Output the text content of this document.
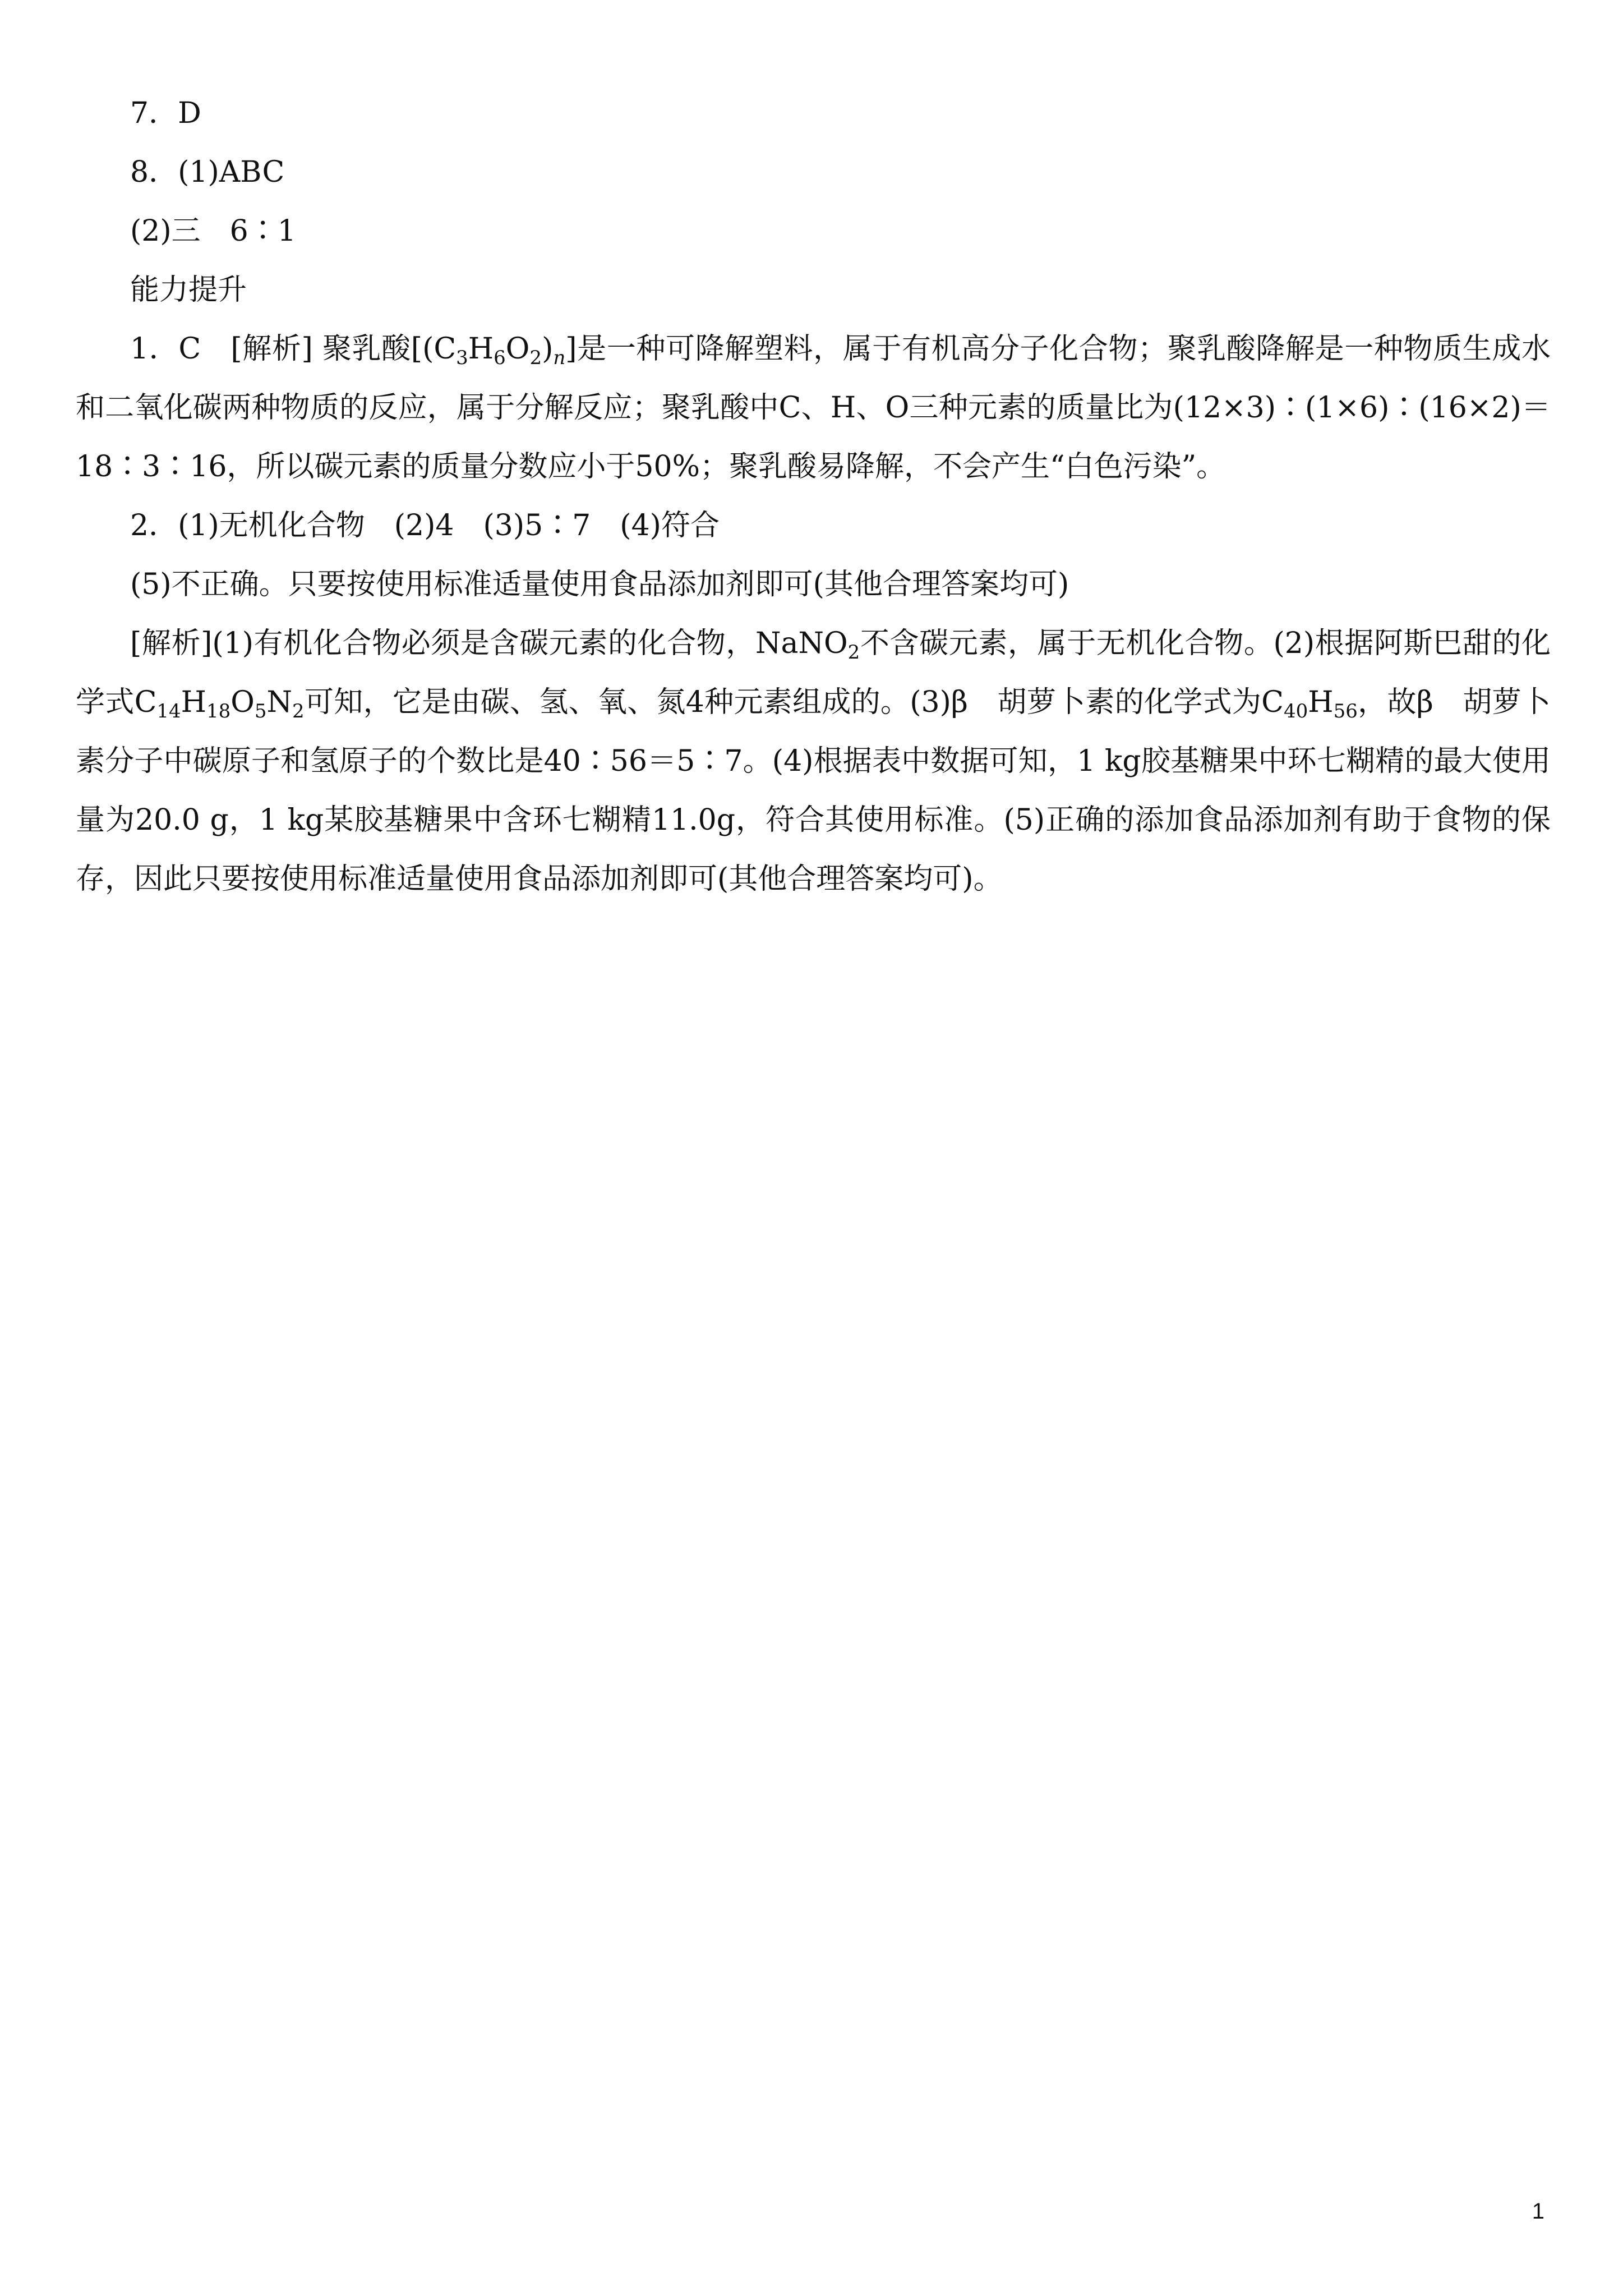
7．D
8．(1)ABC
(2)三　6∶1
能力提升
1．C　[解析] 聚乳酸$[(C_3H_6O_2)_n]$是一种可降解塑料，属于有机高分子化合物；聚乳酸降解是一种物质生成水和二氧化碳两种物质的反应，属于分解反应；聚乳酸中C、H、O三种元素的质量比为(12×3)∶(1×6)∶(16×2)＝18∶3∶16，所以碳元素的质量分数应小于50%；聚乳酸易降解，不会产生“白色污染”。
2．(1)无机化合物　(2)4　(3)5∶7　(4)符合
(5)不正确。只要按使用标准适量使用食品添加剂即可(其他合理答案均可)
[解析](1)有机化合物必须是含碳元素的化合物，NaNO$_2$不含碳元素，属于无机化合物。(2)根据阿斯巴甜的化学式$C_{14}H_{18}O_5N_2$可知，它是由碳、氢、氧、氮4种元素组成的。(3)β　胡萝卜素的化学式为$C_{40}H_{56}$，故β　胡萝卜素分子中碳原子和氢原子的个数比是40∶56＝5∶7。(4)根据表中数据可知，1 kg胶基糖果中环七糊精的最大使用量为20.0 g，1 kg某胶基糖果中含环七糊精11.0g，符合其使用标准。(5)正确的添加食品添加剂有助于食物的保存，因此只要按使用标准适量使用食品添加剂即可(其他合理答案均可)。
1
